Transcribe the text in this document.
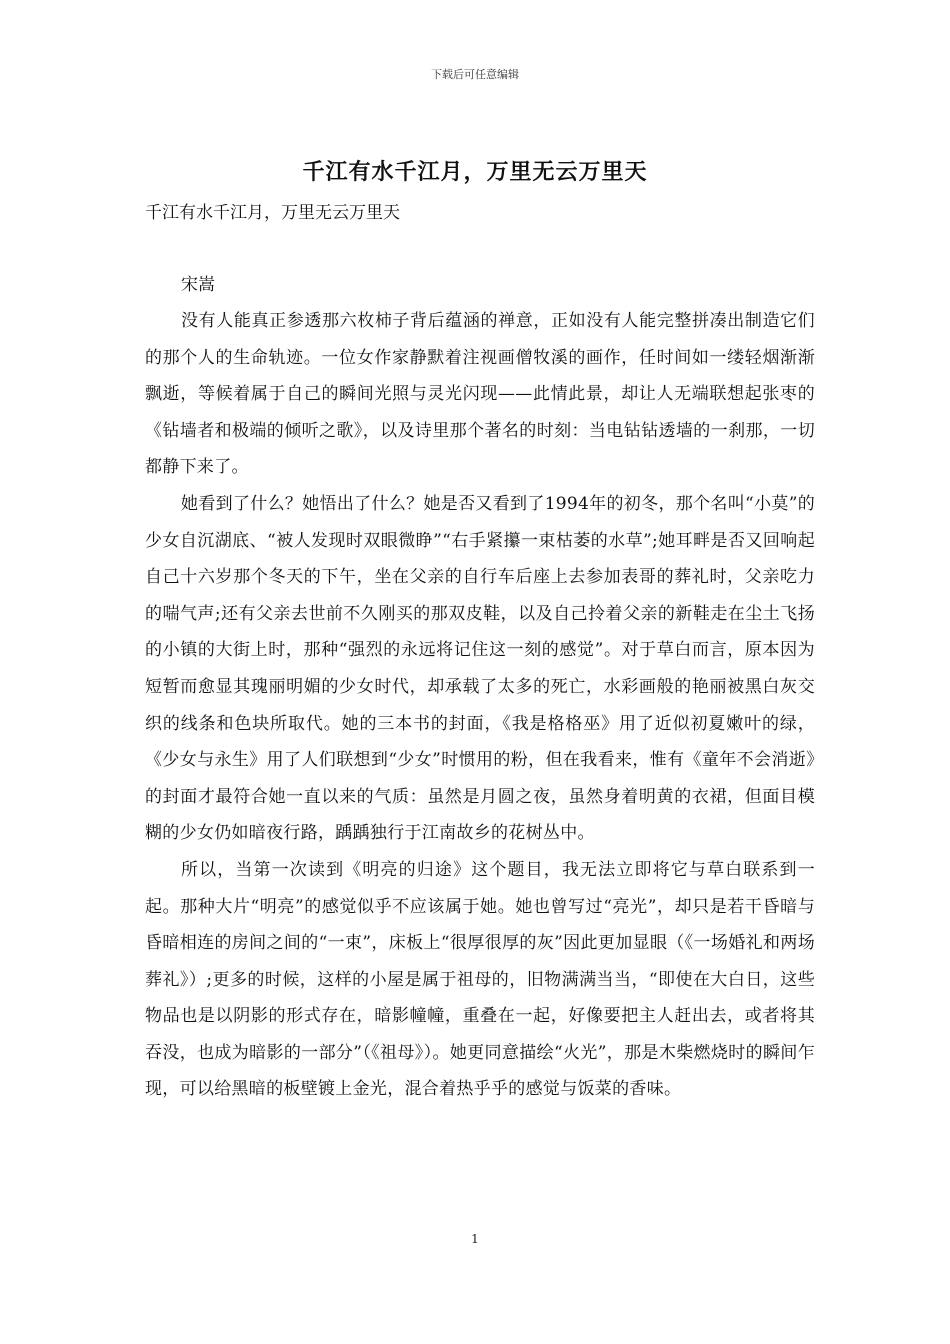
下载后可任意编辑
千江有水千江月，万里无云万里天

千江有水千江月，万里无云万里天

宋嵩

没有人能真正参透那六枚柿子背后蕴涵的禅意，正如没有人能完整拼凑出制造它们的那个人的生命轨迹。一位女作家静默着注视画僧牧溪的画作，任时间如一缕轻烟渐渐飘逝，等候着属于自己的瞬间光照与灵光闪现——此情此景，却让人无端联想起张枣的《钻墙者和极端的倾听之歌》，以及诗里那个著名的时刻：当电钻钻透墙的一刹那，一切都静下来了。

她看到了什么？她悟出了什么？她是否又看到了1994年的初冬，那个名叫“小莫”的少女自沉湖底、“被人发现时双眼微睁”“右手紧攥一束枯萎的水草”;她耳畔是否又回响起自己十六岁那个冬天的下午，坐在父亲的自行车后座上去参加表哥的葬礼时，父亲吃力的喘气声;还有父亲去世前不久刚买的那双皮鞋，以及自己拎着父亲的新鞋走在尘土飞扬的小镇的大街上时，那种“强烈的永远将记住这一刻的感觉”。对于草白而言，原本因为短暂而愈显其瑰丽明媚的少女时代，却承载了太多的死亡，水彩画般的艳丽被黑白灰交织的线条和色块所取代。她的三本书的封面，《我是格格巫》用了近似初夏嫩叶的绿，《少女与永生》用了人们联想到“少女”时惯用的粉，但在我看来，惟有《童年不会消逝》的封面才最符合她一直以来的气质：虽然是月圆之夜，虽然身着明黄的衣裙，但面目模糊的少女仍如暗夜行路，踽踽独行于江南故乡的花树丛中。

所以，当第一次读到《明亮的归途》这个题目，我无法立即将它与草白联系到一起。那种大片“明亮”的感觉似乎不应该属于她。她也曾写过“亮光”，却只是若干昏暗与昏暗相连的房间之间的“一束”，床板上“很厚很厚的灰”因此更加显眼（《一场婚礼和两场葬礼》）;更多的时候，这样的小屋是属于祖母的，旧物满满当当，“即使在大白日，这些物品也是以阴影的形式存在，暗影幢幢，重叠在一起，好像要把主人赶出去，或者将其吞没，也成为暗影的一部分”（《祖母》）。她更同意描绘“火光”，那是木柴燃烧时的瞬间乍现，可以给黑暗的板壁镀上金光，混合着热乎乎的感觉与饭菜的香味。

1
